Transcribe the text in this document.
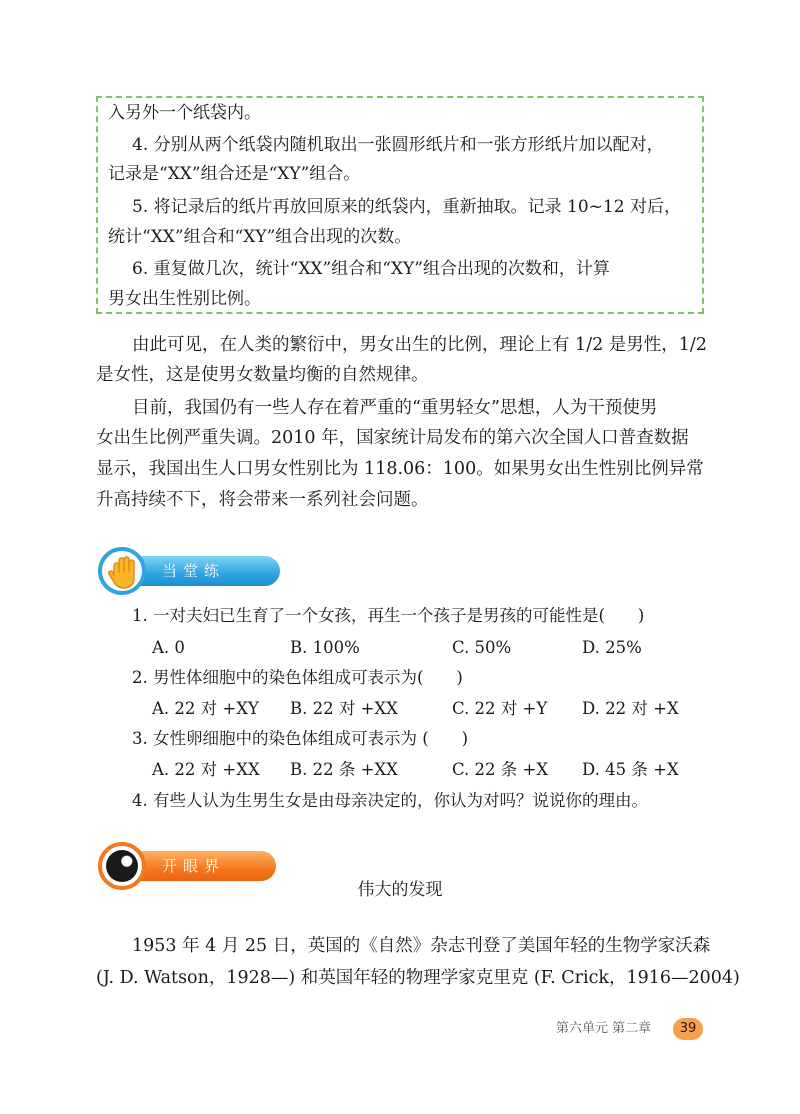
入另外一个纸袋内。
4. 分别从两个纸袋内随机取出一张圆形纸片和一张方形纸片加以配对，
记录是“XX”组合还是“XY”组合。
5. 将记录后的纸片再放回原来的纸袋内，重新抽取。记录 10~12 对后，
统计“XX”组合和“XY”组合出现的次数。
6. 重复做几次，统计“XX”组合和“XY”组合出现的次数和，计算
男女出生性别比例。
由此可见，在人类的繁衍中，男女出生的比例，理论上有 1/2 是男性，1/2
是女性，这是使男女数量均衡的自然规律。
目前，我国仍有一些人存在着严重的“重男轻女”思想，人为干预使男
女出生比例严重失调。2010 年，国家统计局发布的第六次全国人口普查数据
显示，我国出生人口男女性别比为 118.06：100。如果男女出生性别比例异常
升高持续不下，将会带来一系列社会问题。
当堂练
1. 一对夫妇已生育了一个女孩，再生一个孩子是男孩的可能性是(　　)
A. 0	B. 100%	C. 50%	D. 25%
2. 男性体细胞中的染色体组成可表示为(　　)
A. 22 对 +XY B. 22 对 +XX	C. 22 对 +Y D. 22 对 +X
3. 女性卵细胞中的染色体组成可表示为 (　　)
A. 22 对 +XX B. 22 条 +XX	C. 22 条 +X D. 45 条 +X
4. 有些人认为生男生女是由母亲决定的，你认为对吗？说说你的理由。
开眼界
伟大的发现
1953 年 4 月 25 日，英国的《自然》杂志刊登了美国年轻的生物学家沃森
(J. D. Watson，1928—) 和英国年轻的物理学家克里克 (F. Crick，1916—2004)
第六单元 第二章	39
